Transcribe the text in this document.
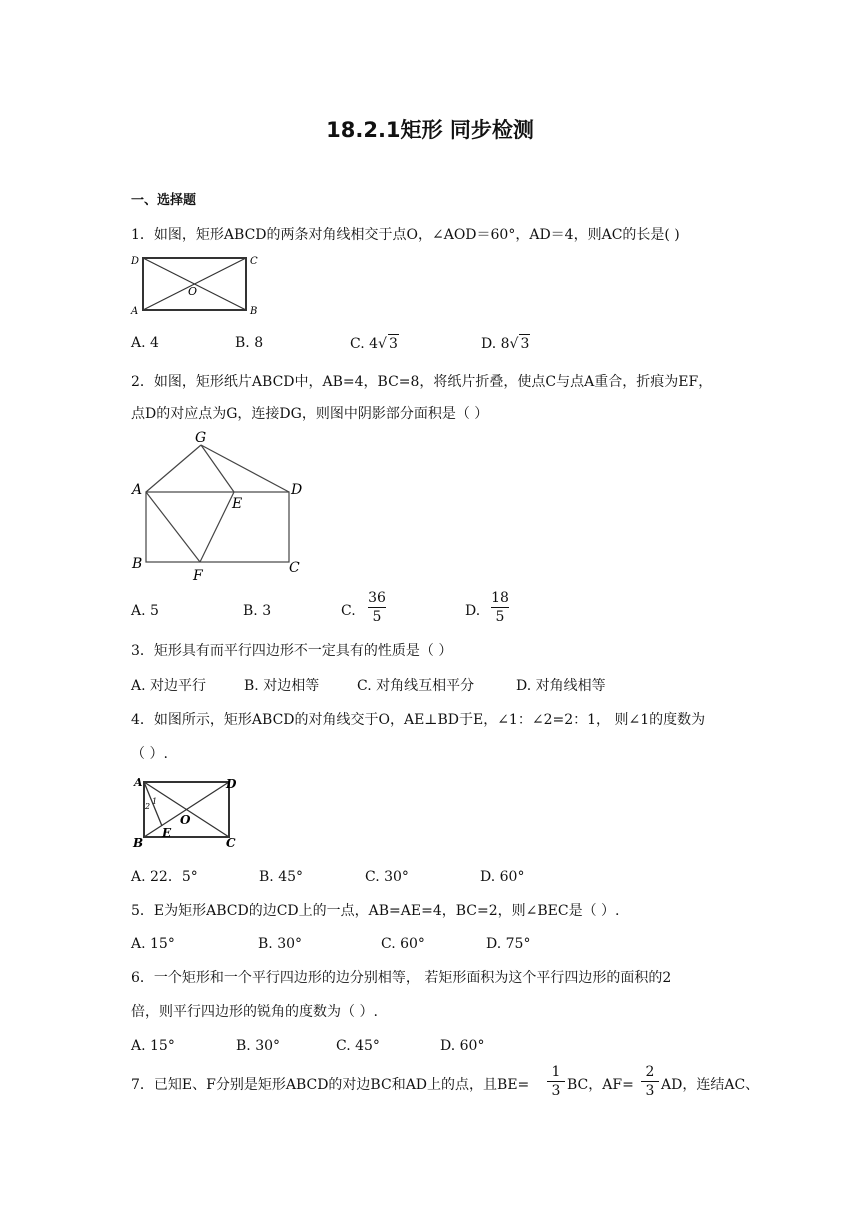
18.2.1矩形 同步检测
一、选择题
1．如图，矩形ABCD的两条对角线相交于点O，∠AOD＝60°，AD＝4，则AC的长是( )
D	C
A	B
O
A. 4	B. 8	C. 4√ 3	D. 8√ 3
2．如图，矩形纸片ABCD中，AB=4，BC=8，将纸片折叠，使点C与点A重合，折痕为EF，
点D的对应点为G，连接DG，则图中阴影部分面积是（ ）
G
A	D
E
B
F	C
A. 5	B. 3	C.
36
5	D.
18
5
3．矩形具有而平行四边形不一定具有的性质是（ ）
A. 对边平行	B. 对边相等	C. 对角线互相平分	D. 对角线相等
4．如图所示，矩形ABCD的对角线交于O，AE⊥BD于E，∠1：∠2=2：1， 则∠1的度数为
（ ）.
A	D
B	C
E
O
1
2
A. 22．5°	B. 45°	C. 30°	D. 60°
5．E为矩形ABCD的边CD上的一点，AB=AE=4，BC=2，则∠BEC是（ ）.
A. 15°	B. 30°	C. 60°	D. 75°
6．一个矩形和一个平行四边形的边分别相等， 若矩形面积为这个平行四边形的面积的2
倍，则平行四边形的锐角的度数为（ ）.
A. 15°	B. 30°	C. 45°	D. 60°
7．已知E、F分别是矩形ABCD的对边BC和AD上的点，且BE=
1
3 BC，AF=
2
3 AD，连结AC、
